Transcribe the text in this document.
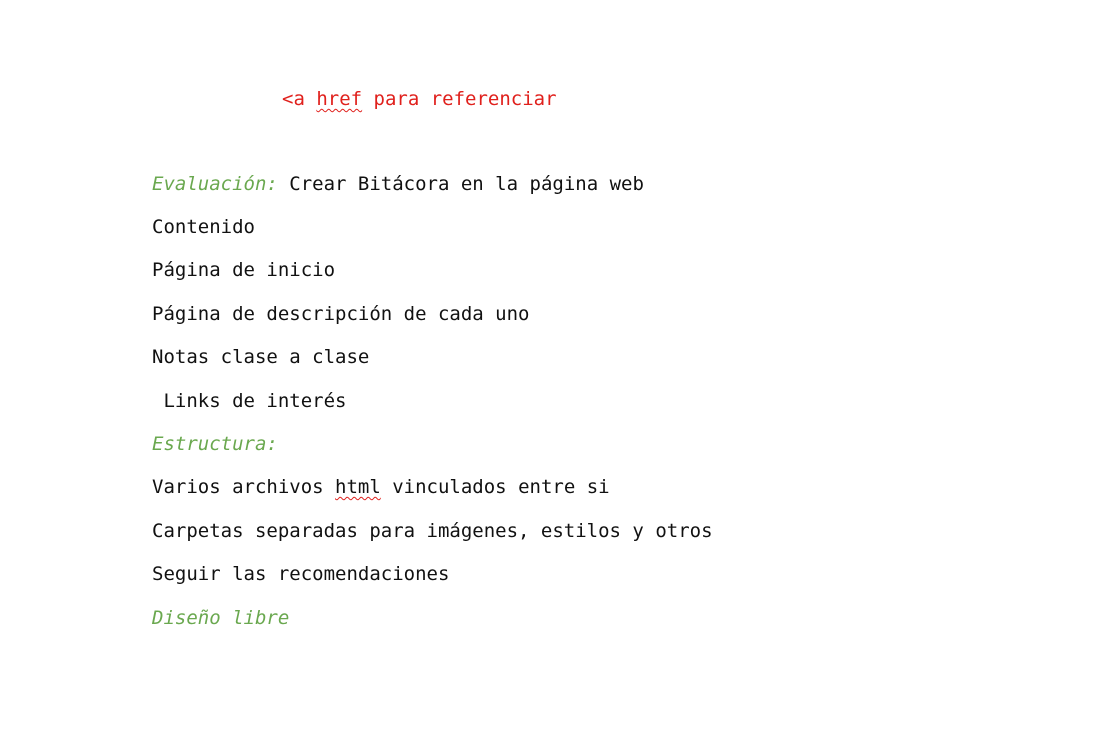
<a href para referenciar
Evaluación: Crear Bitácora en la página web
Contenido
Página de inicio
Página de descripción de cada uno
Notas clase a clase
Links de interés
Estructura:
Varios archivos html vinculados entre si
Carpetas separadas para imágenes, estilos y otros
Seguir las recomendaciones
Diseño libre
